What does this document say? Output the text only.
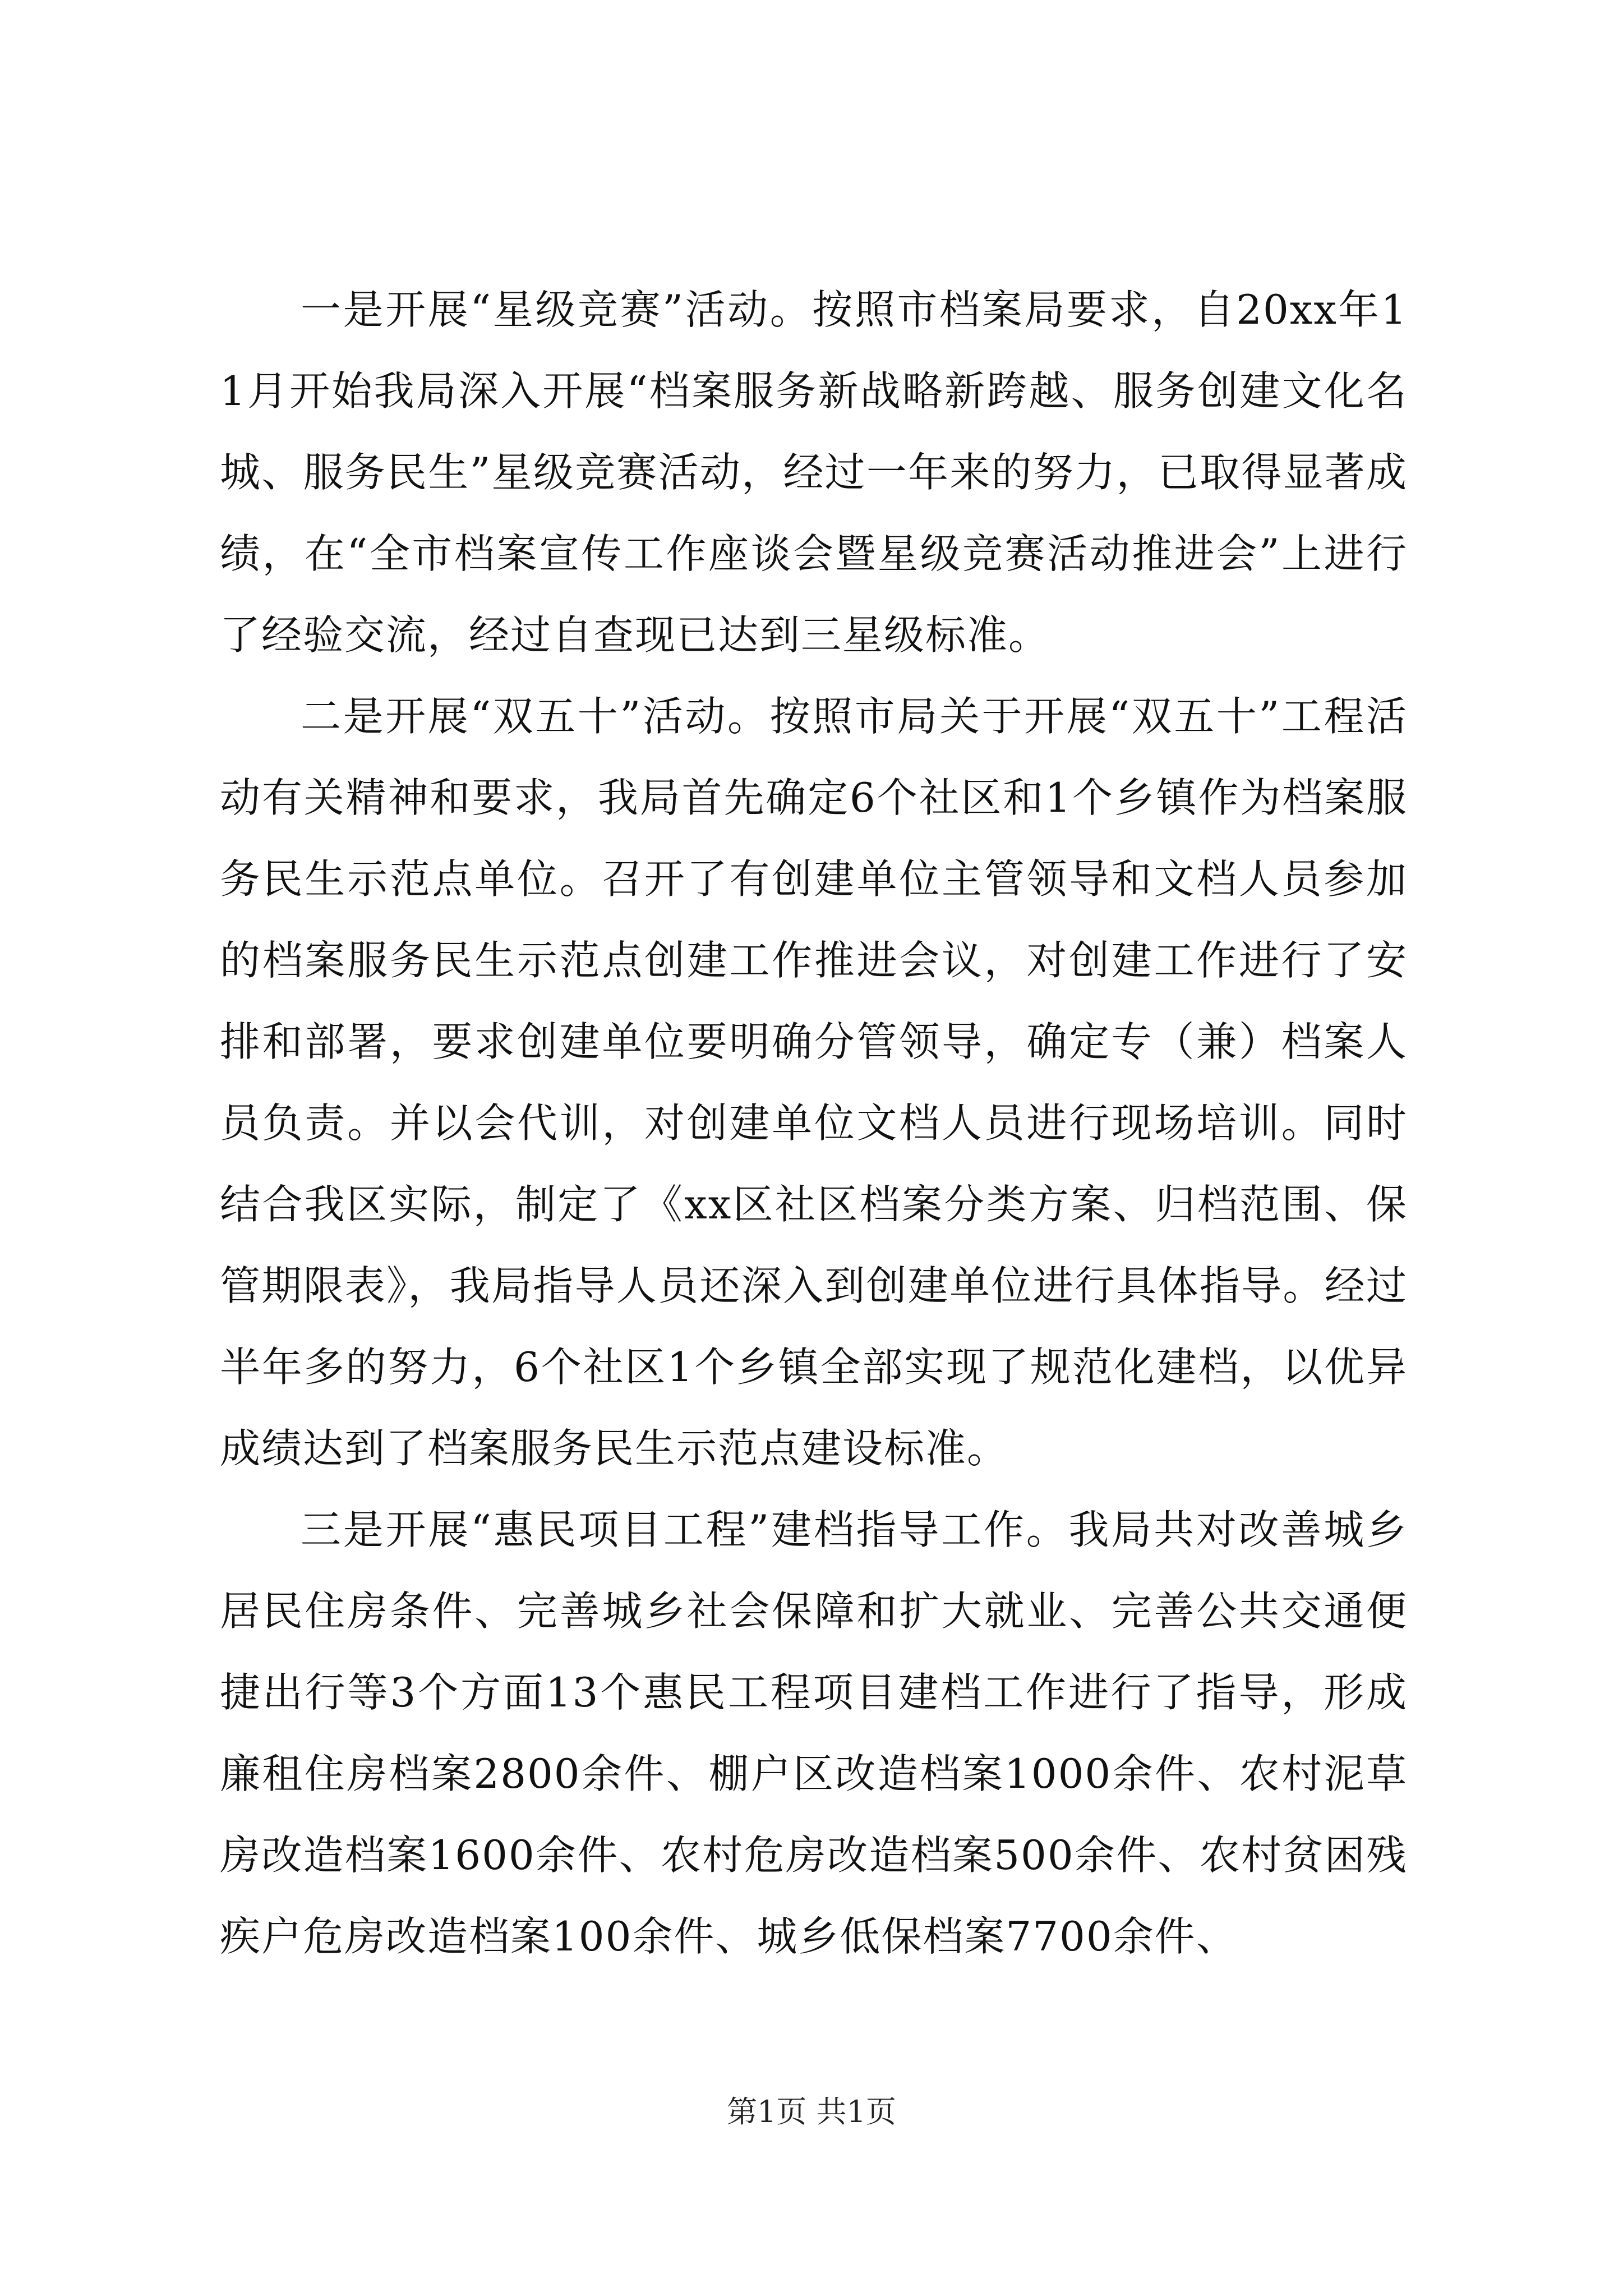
一是开展“星级竞赛”活动。按照市档案局要求，自20xx年11月开始我局深入开展“档案服务新战略新跨越、服务创建文化名城、服务民生”星级竞赛活动，经过一年来的努力，已取得显著成绩，在“全市档案宣传工作座谈会暨星级竞赛活动推进会”上进行了经验交流，经过自查现已达到三星级标准。

二是开展“双五十”活动。按照市局关于开展“双五十”工程活动有关精神和要求，我局首先确定6个社区和1个乡镇作为档案服务民生示范点单位。召开了有创建单位主管领导和文档人员参加的档案服务民生示范点创建工作推进会议，对创建工作进行了安排和部署，要求创建单位要明确分管领导，确定专（兼）档案人员负责。并以会代训，对创建单位文档人员进行现场培训。同时结合我区实际，制定了《xx区社区档案分类方案、归档范围、保管期限表》，我局指导人员还深入到创建单位进行具体指导。经过半年多的努力，6个社区1个乡镇全部实现了规范化建档，以优异成绩达到了档案服务民生示范点建设标准。

三是开展“惠民项目工程”建档指导工作。我局共对改善城乡居民住房条件、完善城乡社会保障和扩大就业、完善公共交通便捷出行等3个方面13个惠民工程项目建档工作进行了指导，形成廉租住房档案2800余件、棚户区改造档案1000余件、农村泥草房改造档案1600余件、农村危房改造档案500余件、农村贫困残疾户危房改造档案100余件、城乡低保档案7700余件、

第1页 共1页
